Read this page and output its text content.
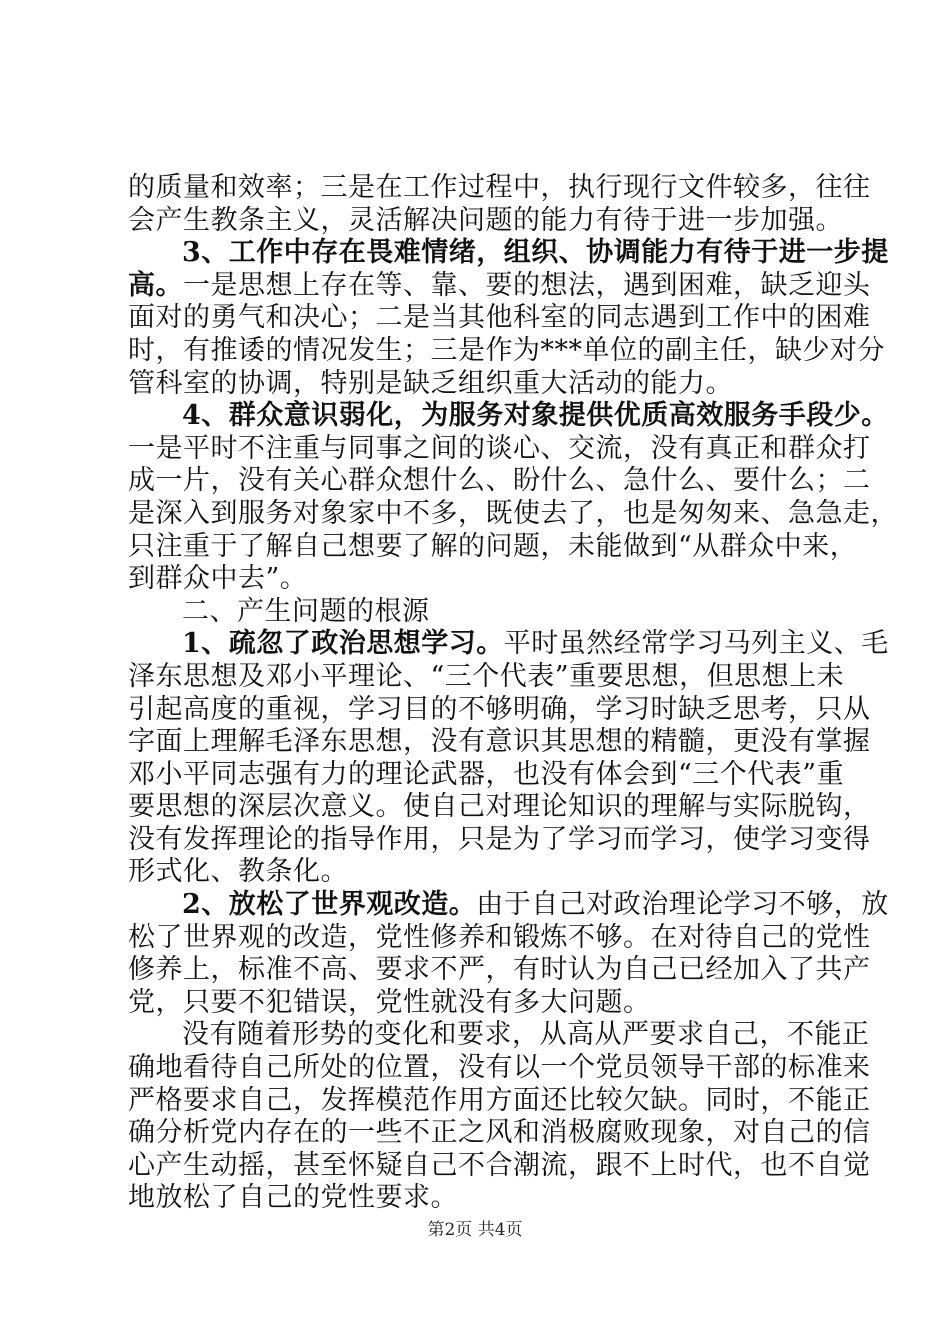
的质量和效率；三是在工作过程中，执行现行文件较多，往往
会产生教条主义，灵活解决问题的能力有待于进一步加强。
3、工作中存在畏难情绪，组织、协调能力有待于进一步提
高。一是思想上存在等、靠、要的想法，遇到困难，缺乏迎头
面对的勇气和决心；二是当其他科室的同志遇到工作中的困难
时，有推诿的情况发生；三是作为***单位的副主任，缺少对分
管科室的协调，特别是缺乏组织重大活动的能力。
4、群众意识弱化，为服务对象提供优质高效服务手段少。
一是平时不注重与同事之间的谈心、交流，没有真正和群众打
成一片，没有关心群众想什么、盼什么、急什么、要什么；二
是深入到服务对象家中不多，既使去了，也是匆匆来、急急走，
只注重于了解自己想要了解的问题，未能做到“从群众中来，
到群众中去”。
二、产生问题的根源
1、疏忽了政治思想学习。平时虽然经常学习马列主义、毛
泽东思想及邓小平理论、“三个代表”重要思想，但思想上未
引起高度的重视，学习目的不够明确，学习时缺乏思考，只从
字面上理解毛泽东思想，没有意识其思想的精髓，更没有掌握
邓小平同志强有力的理论武器，也没有体会到“三个代表”重
要思想的深层次意义。使自己对理论知识的理解与实际脱钩，
没有发挥理论的指导作用，只是为了学习而学习，使学习变得
形式化、教条化。
2、放松了世界观改造。由于自己对政治理论学习不够，放
松了世界观的改造，党性修养和锻炼不够。在对待自己的党性
修养上，标准不高、要求不严，有时认为自己已经加入了共产
党，只要不犯错误，党性就没有多大问题。
没有随着形势的变化和要求，从高从严要求自己，不能正
确地看待自己所处的位置，没有以一个党员领导干部的标准来
严格要求自己，发挥模范作用方面还比较欠缺。同时，不能正
确分析党内存在的一些不正之风和消极腐败现象，对自己的信
心产生动摇，甚至怀疑自己不合潮流，跟不上时代，也不自觉
地放松了自己的党性要求。
第2页 共4页
